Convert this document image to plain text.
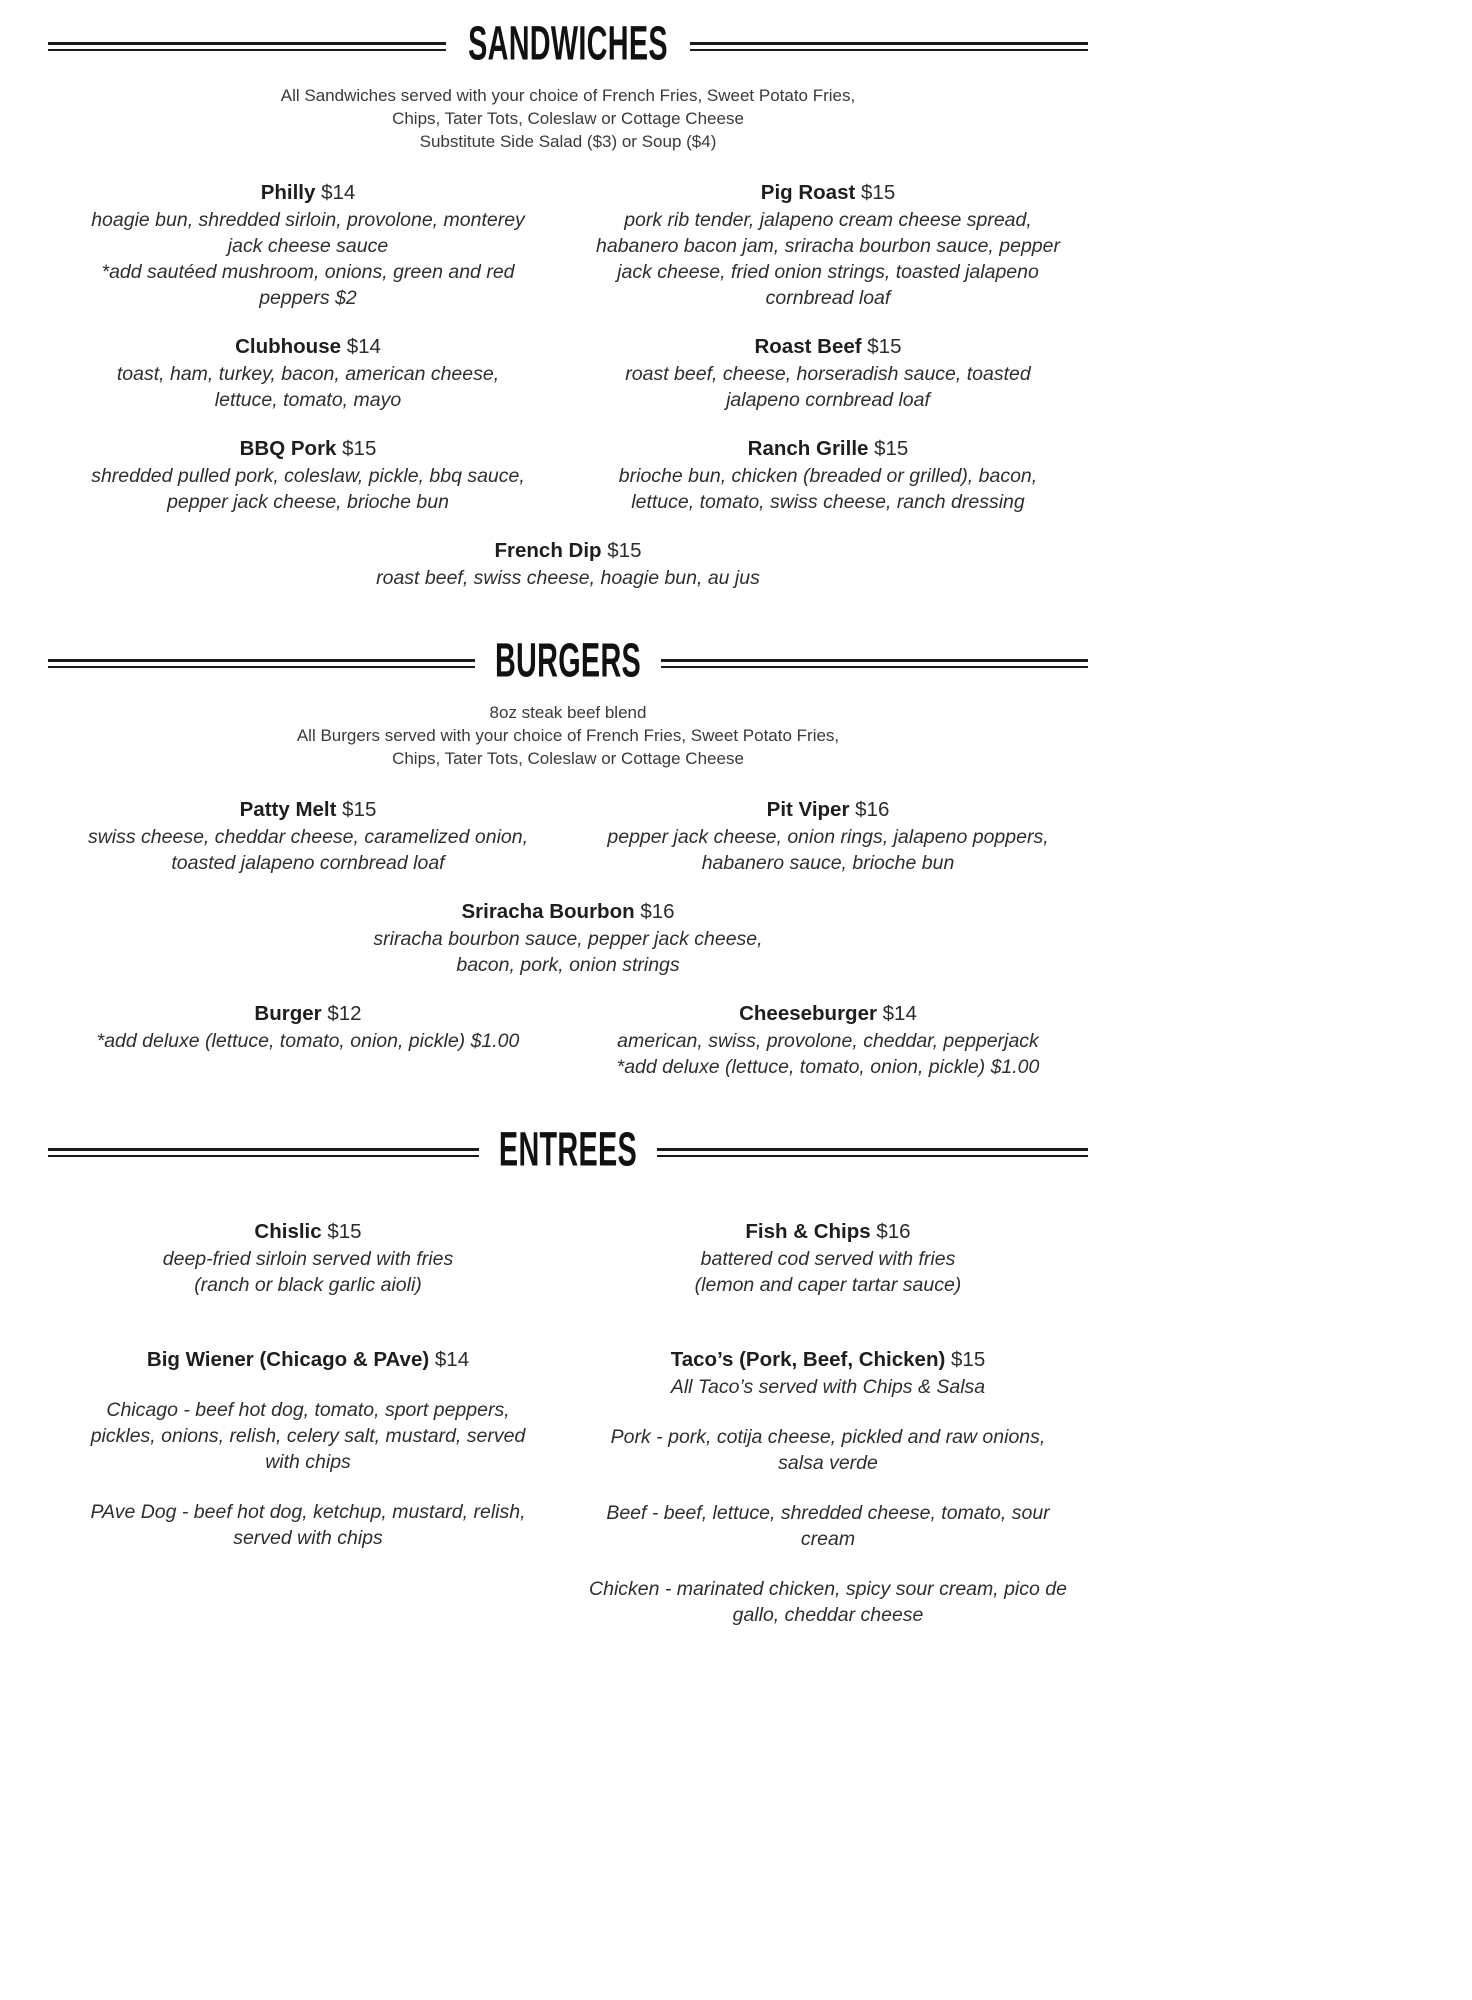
SANDWICHES

All Sandwiches served with your choice of French Fries, Sweet Potato Fries,

Chips, Tater Tots, Coleslaw or Cottage Cheese

Substitute Side Salad ($3) or Soup ($4)

Philly $14

hoagie bun, shredded sirloin, provolone, monterey jack cheese sauce

*add sautéed mushroom, onions, green and red peppers $2

Pig Roast $15

pork rib tender, jalapeno cream cheese spread, habanero bacon jam, sriracha bourbon sauce, pepper jack cheese, fried onion strings, toasted jalapeno cornbread loaf

Clubhouse $14

toast, ham, turkey, bacon, american cheese, lettuce, tomato, mayo

Roast Beef $15

roast beef, cheese, horseradish sauce, toasted jalapeno cornbread loaf

BBQ Pork $15

shredded pulled pork, coleslaw, pickle, bbq sauce, pepper jack cheese, brioche bun

Ranch Grille $15

brioche bun, chicken (breaded or grilled), bacon, lettuce, tomato, swiss cheese, ranch dressing

French Dip $15

roast beef, swiss cheese, hoagie bun, au jus

BURGERS

8oz steak beef blend

All Burgers served with your choice of French Fries, Sweet Potato Fries,

Chips, Tater Tots, Coleslaw or Cottage Cheese

Patty Melt $15

swiss cheese, cheddar cheese, caramelized onion, toasted jalapeno cornbread loaf

Pit Viper $16

pepper jack cheese, onion rings, jalapeno poppers, habanero sauce, brioche bun

Sriracha Bourbon $16

sriracha bourbon sauce, pepper jack cheese, bacon, pork, onion strings

Burger $12

*add deluxe (lettuce, tomato, onion, pickle) $1.00

Cheeseburger $14

american, swiss, provolone, cheddar, pepperjack

*add deluxe (lettuce, tomato, onion, pickle) $1.00

ENTREES
Chislic $15

deep-fried sirloin served with fries

(ranch or black garlic aioli)

Fish & Chips $16

battered cod served with fries

(lemon and caper tartar sauce)

Big Wiener (Chicago & PAve) $14

Chicago - beef hot dog, tomato, sport peppers, pickles, onions, relish, celery salt, mustard, served with chips

PAve Dog - beef hot dog, ketchup, mustard, relish, served with chips

Taco’s (Pork, Beef, Chicken) $15

All Taco’s served with Chips & Salsa

Pork - pork, cotija cheese, pickled and raw onions, salsa verde

Beef - beef, lettuce, shredded cheese, tomato, sour cream

Chicken - marinated chicken, spicy sour cream, pico de gallo, cheddar cheese
